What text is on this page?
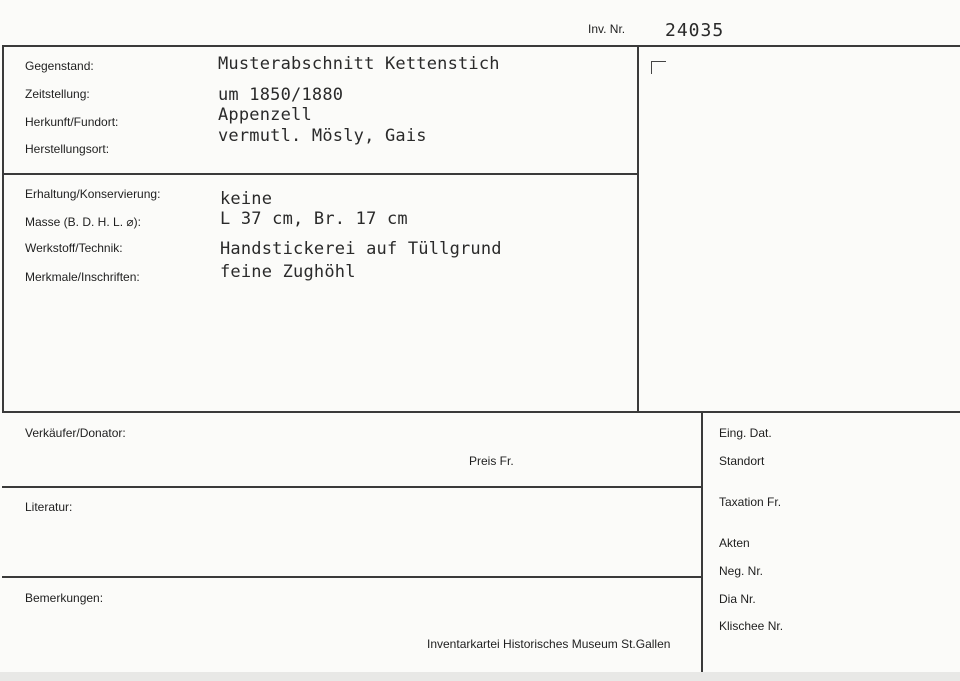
Inv. Nr. 24035
Gegenstand:
Zeitstellung:
Herkunft/Fundort:
Herstellungsort:
Musterabschnitt Kettenstich
um 1850/1880
Appenzell
vermutl. Mösly, Gais
Erhaltung/Konservierung:
Masse (B. D. H. L. ⌀):
Werkstoff/Technik:
Merkmale/Inschriften:
keine
L 37 cm, Br. 17 cm
Handstickerei auf Tüllgrund
feine Zughöhl
Verkäufer/Donator:
Preis Fr.
Literatur:
Bemerkungen:
Inventarkartei Historisches Museum St.Gallen
Eing. Dat.
Standort
Taxation Fr.
Akten
Neg. Nr.
Dia Nr.
Klischee Nr.
